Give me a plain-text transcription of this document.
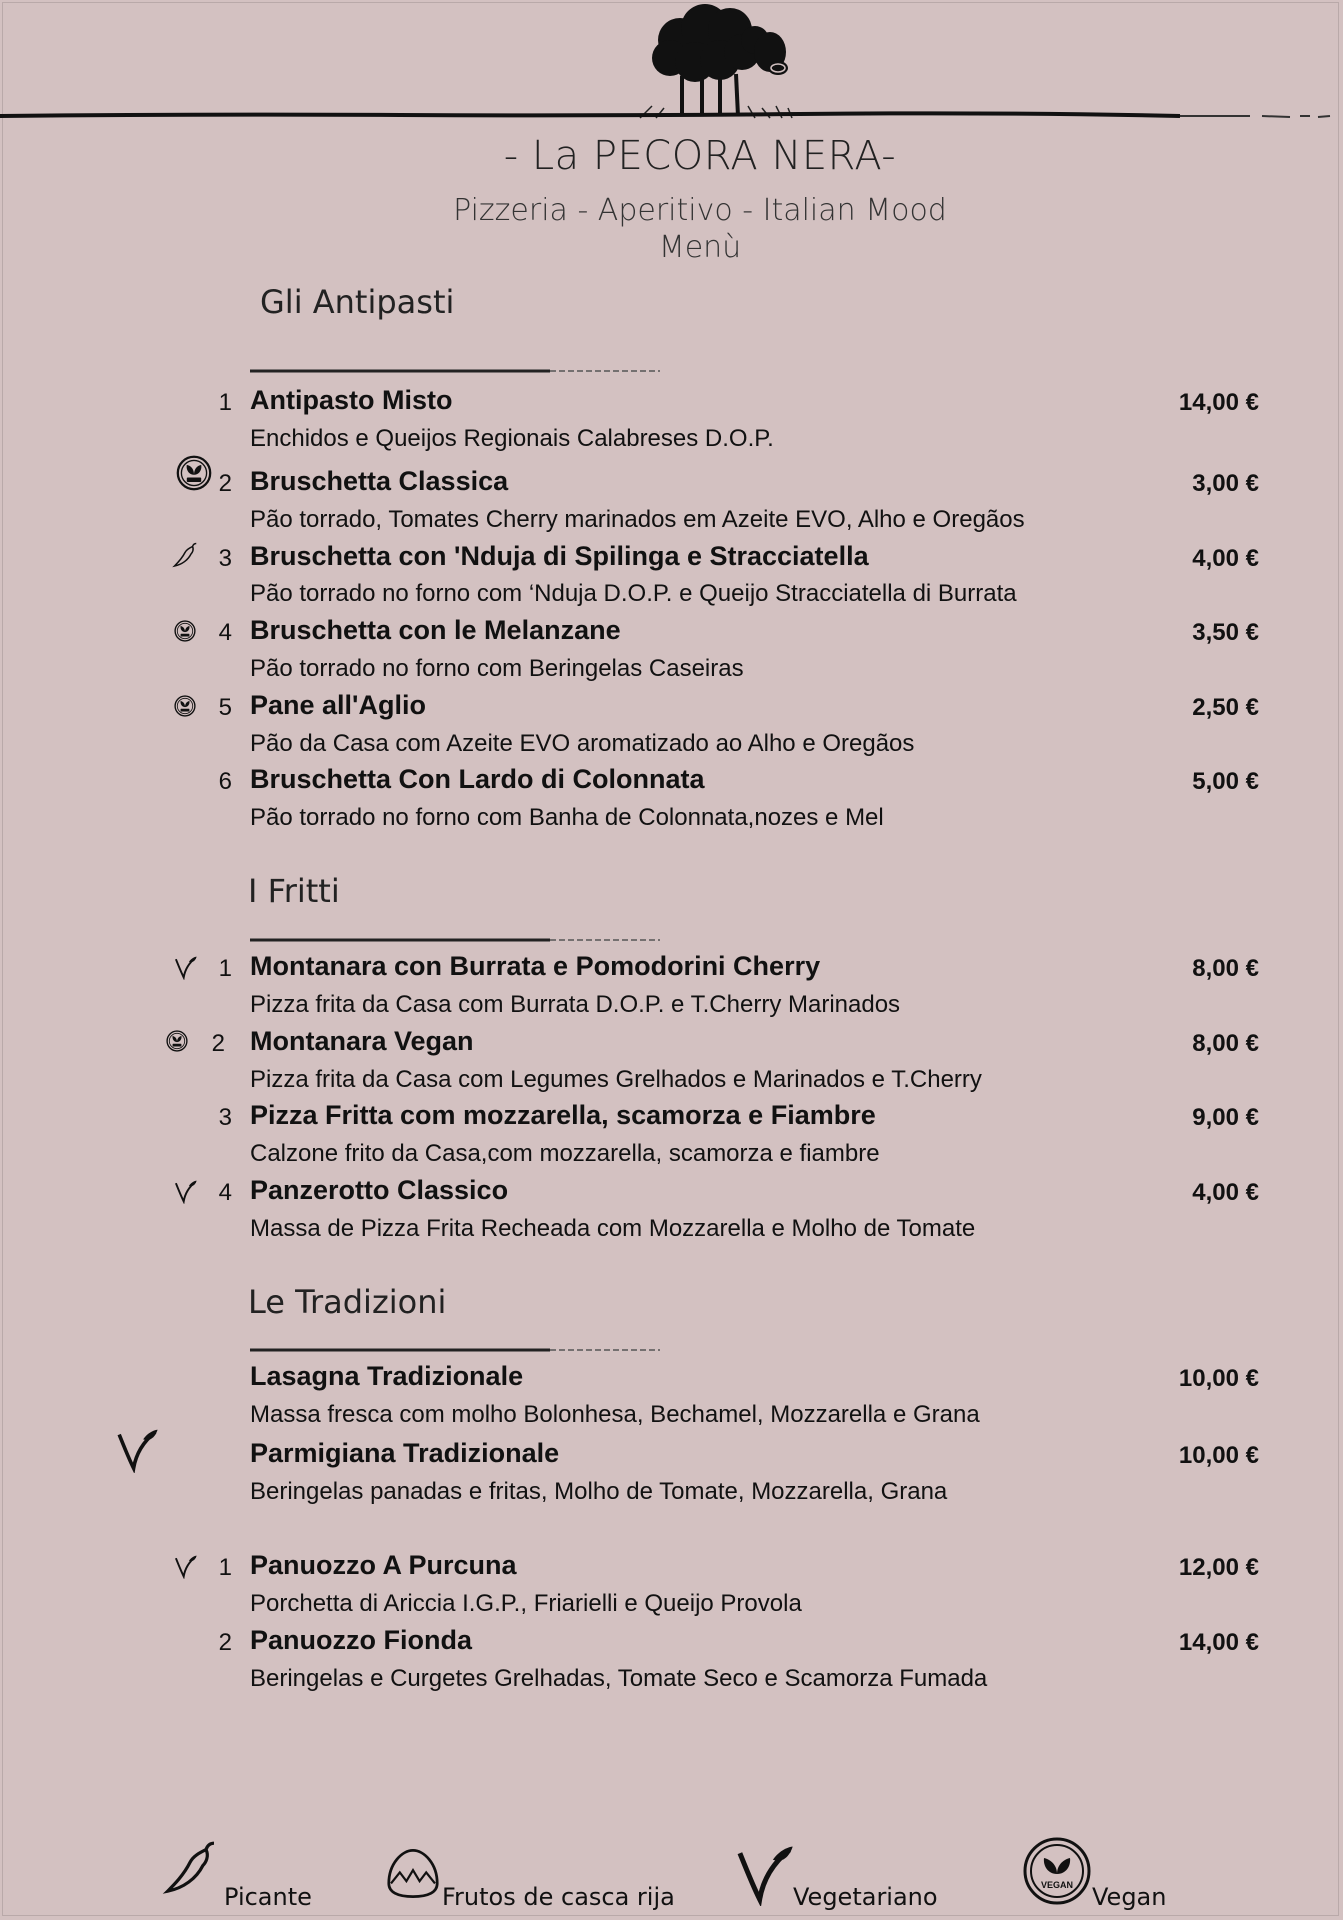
- La PECORA NERA-
Pizzeria - Aperitivo - Italian Mood
Menù
Gli Antipasti
1 Antipasto Misto	14,00 €
Enchidos e Queijos Regionais Calabreses D.O.P.
2 Bruschetta Classica	3,00 €
Pão torrado, Tomates Cherry marinados em Azeite EVO, Alho e Oregãos
3 Bruschetta con 'Nduja di Spilinga e Stracciatella	4,00 €
Pão torrado no forno com ‘Nduja D.O.P. e Queijo Stracciatella di Burrata
4 Bruschetta con le Melanzane	3,50 €
Pão torrado no forno com Beringelas Caseiras
5 Pane all'Aglio	2,50 €
Pão da Casa com Azeite EVO aromatizado ao Alho e Oregãos
6 Bruschetta Con Lardo di Colonnata	5,00 €
Pão torrado no forno com Banha de Colonnata,nozes e Mel
I Fritti
1 Montanara con Burrata e Pomodorini Cherry	8,00 €
Pizza frita da Casa com Burrata D.O.P. e T.Cherry Marinados
2 Montanara Vegan	8,00 €
Pizza frita da Casa com Legumes Grelhados e Marinados e T.Cherry
3 Pizza Fritta com mozzarella, scamorza e Fiambre	9,00 €
Calzone frito da Casa,com mozzarella, scamorza e fiambre
4 Panzerotto Classico	4,00 €
Massa de Pizza Frita Recheada com Mozzarella e Molho de Tomate
Le Tradizioni
Lasagna Tradizionale	10,00 €
Massa fresca com molho Bolonhesa, Bechamel, Mozzarella e Grana
Parmigiana Tradizionale	10,00 €
Beringelas panadas e fritas, Molho de Tomate, Mozzarella, Grana
1 Panuozzo A Purcuna	12,00 €
Porchetta di Ariccia I.G.P., Friarielli e Queijo Provola
2 Panuozzo Fionda	14,00 €
Beringelas e Curgetes Grelhadas, Tomate Seco e Scamorza Fumada
Picante	Frutos de casca rija	Vegetariano	VEGAN Vegan
